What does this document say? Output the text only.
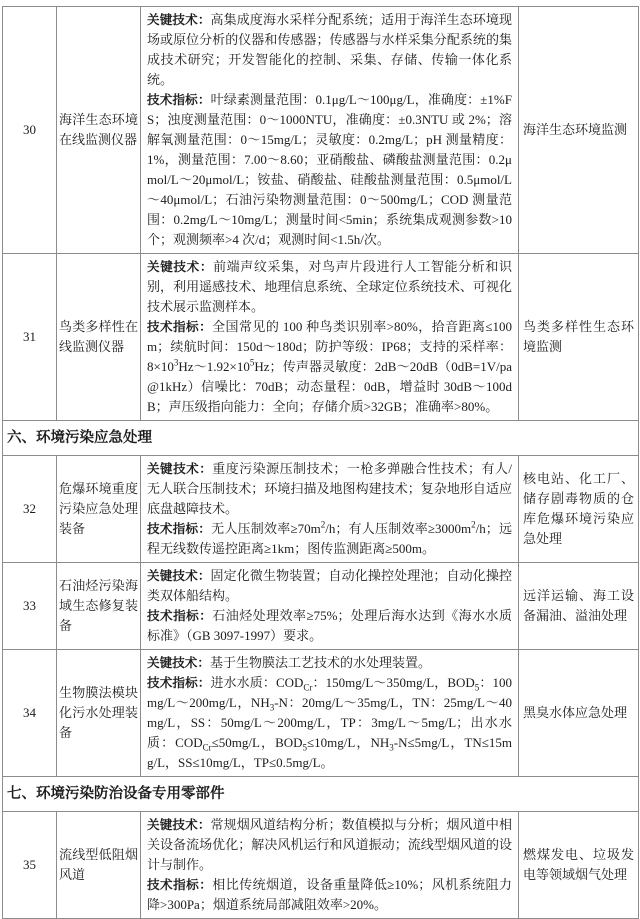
30	海洋生态环境在线监测仪器	关键技术：高集成度海水采样分配系统；适用于海洋生态环境现场或原位分析的仪器和传感器；传感器与水样采集分配系统的集成技术研究；开发智能化的控制、采集、存储、传输一体化系统。
技术指标：叶绿素测量范围：0.1μg/L～100μg/L，准确度：±1%FS；浊度测量范围：0～1000NTU，准确度：±0.3NTU 或 2%；溶解氧测量范围：0～15mg/L；灵敏度：0.2mg/L；pH 测量精度：1%，测量范围：7.00～8.60；亚硝酸盐、磷酸盐测量范围：0.2μmol/L～20μmol/L；铵盐、硝酸盐、硅酸盐测量范围：0.5μmol/L～40μmol/L；石油污染物测量范围：0～500mg/L；COD 测量范围：0.2mg/L～10mg/L；测量时间<5min；系统集成观测参数>10 个；观测频率>4 次/d；观测时间<1.5h/次。	海洋生态环境监测
31	鸟类多样性在线监测仪器	关键技术：前端声纹采集，对鸟声片段进行人工智能分析和识别，利用遥感技术、地理信息系统、全球定位系统技术、可视化技术展示监测样本。
技术指标：全国常见的 100 种鸟类识别率>80%，拾音距离≤100m；续航时间：150d～180d；防护等级：IP68；支持的采样率：$8\times 10^3Hz\sim 1.92\times 10^5Hz$；传声器灵敏度：2dB～20dB（0dB=1V/pa@1kHz）信噪比：70dB；动态量程：0dB，增益时 30dB～100dB；声压级指向能力：全向；存储介质>32GB；准确率>80%。	鸟类多样性生态环境监测
六、环境污染应急处理			
32	危爆环境重度污染应急处理装备	关键技术：重度污染源压制技术；一枪多弹融合性技术；有人/无人联合压制技术；环境扫描及地图构建技术；复杂地形自适应底盘越障技术。
技术指标：无人压制效率$\ge 70m^2/h$；有人压制效率$\ge 3000m^2/h$；远程无线数传遥控距离≥1km；图传监测距离≥500m。	核电站、化工厂、储存剧毒物质的仓库危爆环境污染应急处理
33	石油烃污染海域生态修复装备	关键技术：固定化微生物装置；自动化操控处理池；自动化操控类双体船结构。
技术指标：石油烃处理效率≥75%；处理后海水达到《海水水质标准》（GB 3097-1997）要求。	远洋运输、海工设备漏油、溢油处理
34	生物膜法模块化污水处理装备	关键技术：基于生物膜法工艺技术的水处理装置。
技术指标：进水水质：$COD_{Cr}$：150mg/L～350mg/L，$BOD_5$：100mg/L～200mg/L，$NH_3-N$：20mg/L～35mg/L，TN：25mg/L～40mg/L，SS：50mg/L～200mg/L，TP：3mg/L～5mg/L；出水水质：$COD_{Cr}\le 50mg/L$，$BOD_5\le 10mg/L$，$NH_3-N\le 5mg/L$，TN≤15mg/L，SS≤10mg/L，TP≤0.5mg/L。	黑臭水体应急处理
七、环境污染防治设备专用零部件			
35	流线型低阻烟风道	关键技术：常规烟风道结构分析；数值模拟与分析；烟风道中相关设备流场优化；解决风机运行和风道振动；流线型烟风道的设计与制作。
技术指标：相比传统烟道，设备重量降低≥10%；风机系统阻力降>300Pa；烟道系统局部减阻效率>20%。	燃煤发电、垃圾发电等领域烟气处理
